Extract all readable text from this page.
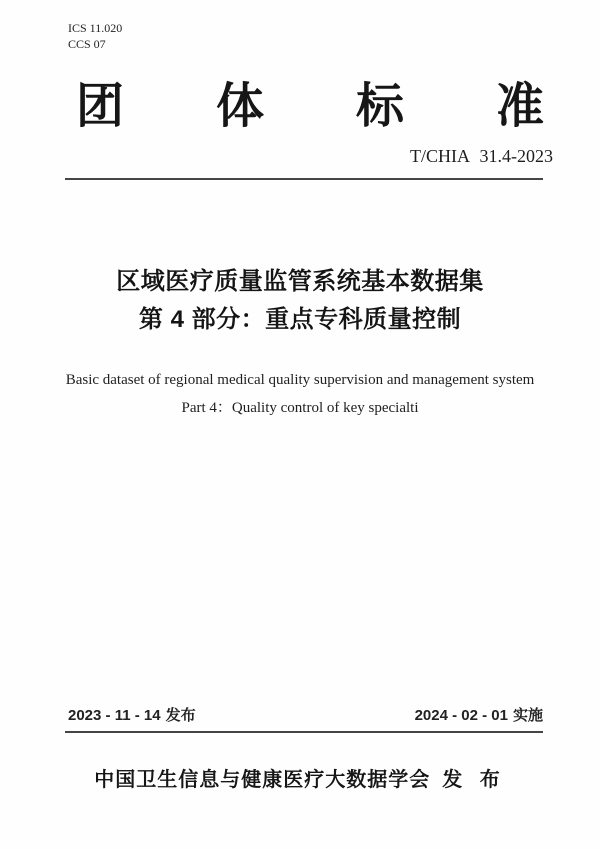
ICS 11.020
CCS 07
团 体 标 准
T/CHIA 31.4-2023
区域医疗质量监管系统基本数据集
第 4 部分：重点专科质量控制
Basic dataset of regional medical quality supervision and management system
Part 4：Quality control of key specialti
2023 - 11 - 14 发布	2024 - 02 - 01 实施
中国卫生信息与健康医疗大数据学会 发 布
